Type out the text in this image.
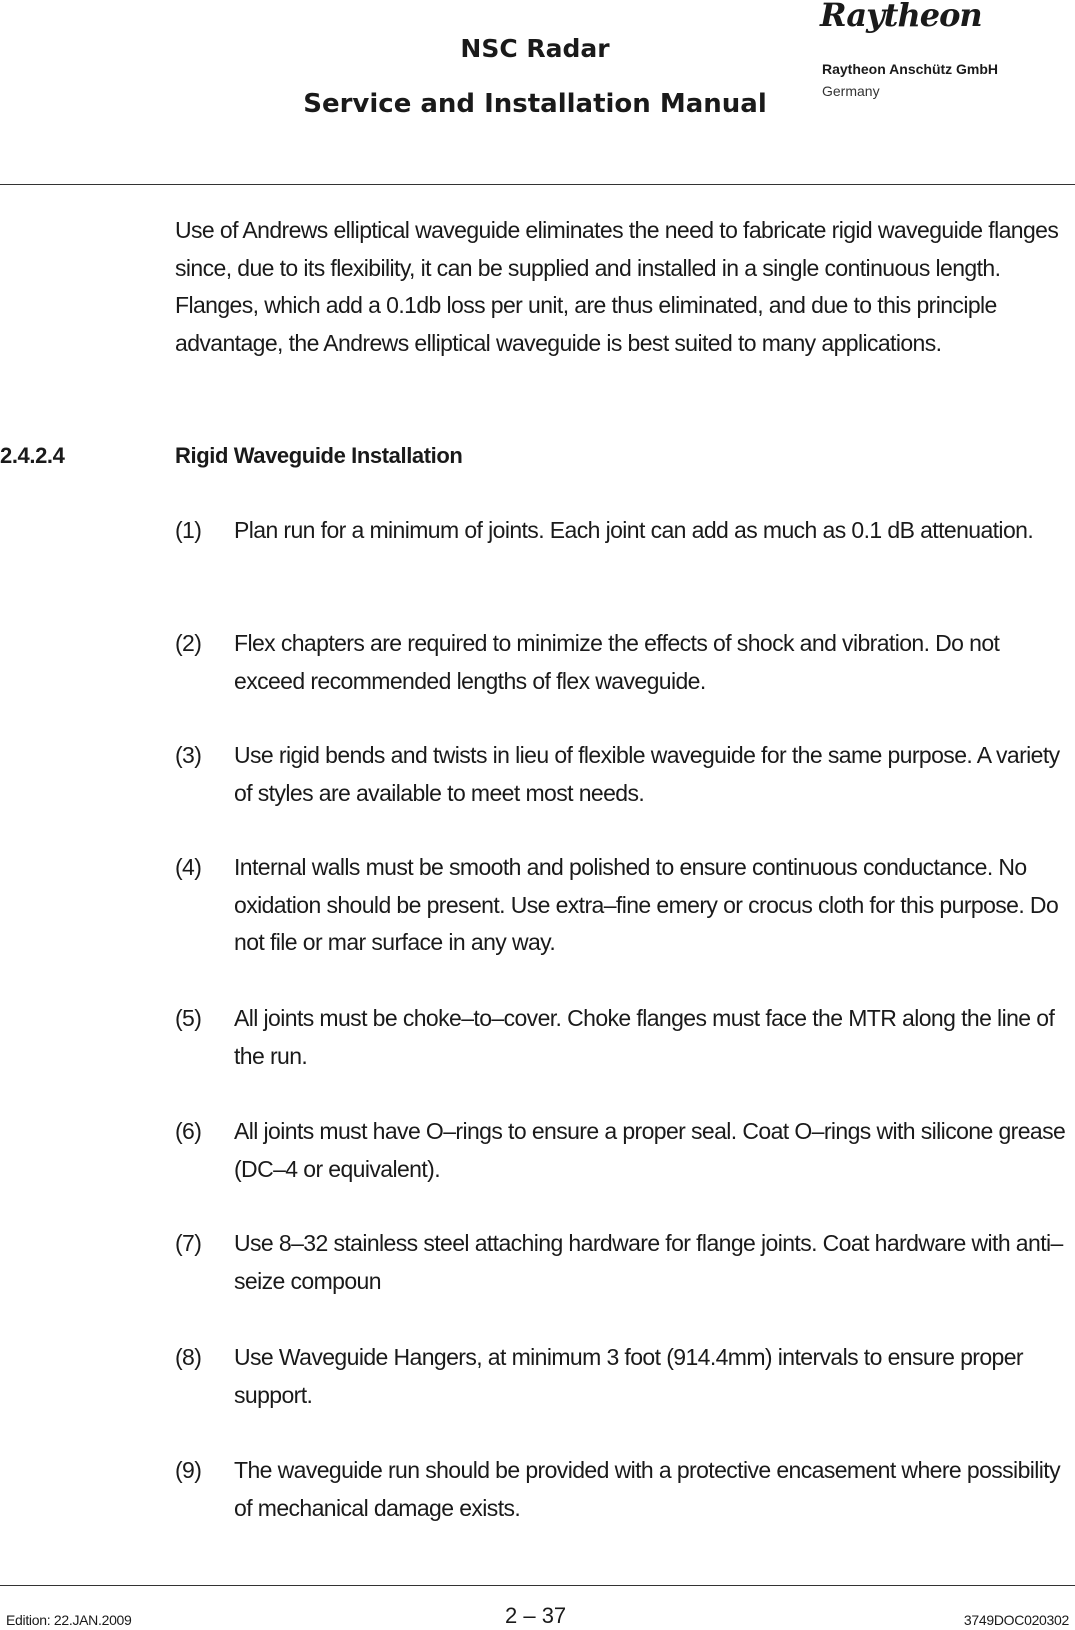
NSC Radar
Service and Installation Manual
Raytheon
Raytheon Anschütz GmbH
Germany

Use of Andrews elliptical waveguide eliminates the need to fabricate rigid waveguide flanges since, due to its flexibility, it can be supplied and installed in a single continuous length. Flanges, which add a 0.1db loss per unit, are thus eliminated, and due to this principle advantage, the Andrews elliptical waveguide is best suited to many applications.

2.4.2.4	Rigid Waveguide Installation
(1)	Plan run for a minimum of joints. Each joint can add as much as 0.1 dB attenuation.
(2)	Flex chapters are required to minimize the effects of shock and vibration. Do not exceed recommended lengths of flex waveguide.
(3)	Use rigid bends and twists in lieu of flexible waveguide for the same purpose. A variety of styles are available to meet most needs.
(4)	Internal walls must be smooth and polished to ensure continuous conductance. No oxidation should be present. Use extra–fine emery or crocus cloth for this purpose. Do not file or mar surface in any way.
(5)	All joints must be choke–to–cover. Choke flanges must face the MTR along the line of the run.
(6)	All joints must have O–rings to ensure a proper seal. Coat O–rings with silicone grease (DC–4 or equivalent).
(7)	Use 8–32 stainless steel attaching hardware for flange joints. Coat hardware with anti–seize compoun
(8)	Use Waveguide Hangers, at minimum 3 foot (914.4mm) intervals to ensure proper support.
(9)	The waveguide run should be provided with a protective encasement where possibility of mechanical damage exists.
Edition: 22.JAN.2009	2 – 37	3749DOC020302
